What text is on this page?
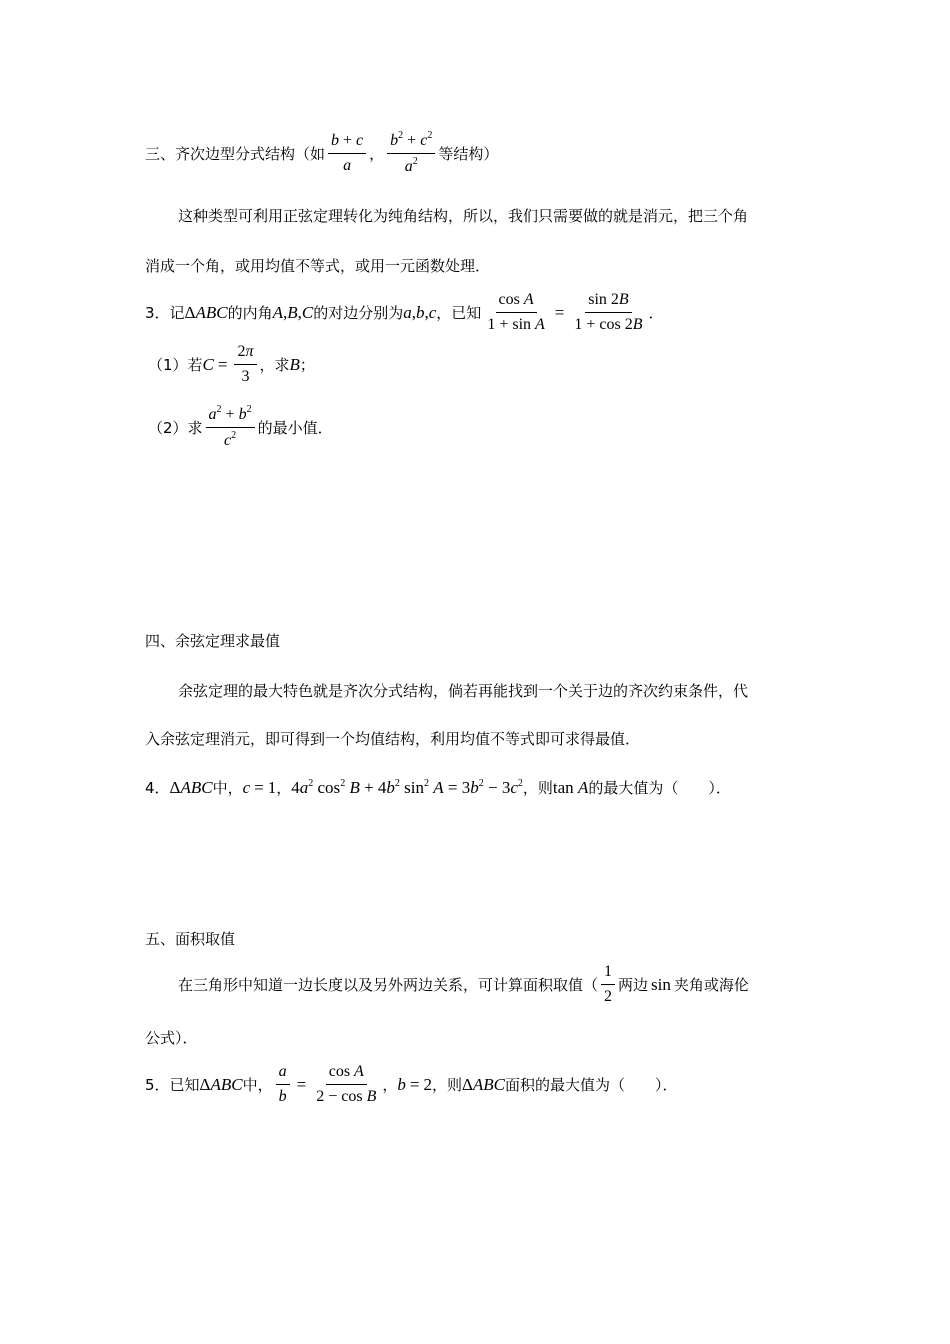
三、齐次边型分式结构（如 $\frac{b + c}{a}$ ， $\frac{b^2 + c^2}{a^2}$ 等结构）
这种类型可利用正弦定理转化为纯角结构，所以，我们只需要做的就是消元，把三个角
消成一个角，或用均值不等式，或用一元函数处理．
3．记 Δ ABC 的内角 A , B , C 的对边分别为 a , b , c ，已知 $\frac{\text{cos A}}{\text{1 + sin A}} = \frac{\sin 2B}{1 + \cos 2B}$ ．
（1）若 $C = \frac{2\pi}{3}$ ，求 B ；
（2）求 $\frac{a^2 + b^2}{c^2}$ 的最小值．
四、余弦定理求最值
余弦定理的最大特色就是齐次分式结构，倘若再能找到一个关于边的齐次约束条件，代
入余弦定理消元，即可得到一个均值结构，利用均值不等式即可求得最值．
4． Δ ABC 中， c = 1 ， $4a^2$ $\cos^2 B + 4b^2$ $\sin^2 A = 3b^2 - 3c^2$ ，则 tan A 的最大值为（　　）．
五、面积取值
在三角形中知道一边长度以及另外两边关系，可计算面积取值（ $\frac{1}{2}$ 两边 sin 夹角或海伦
公式）．
5．已知 Δ ABC 中， $\frac{a}{b} = \frac{\text{cos A}}{\text{2 − cos B}}$ ， b = 2 ，则 Δ ABC 面积的最大值为（　　）．
